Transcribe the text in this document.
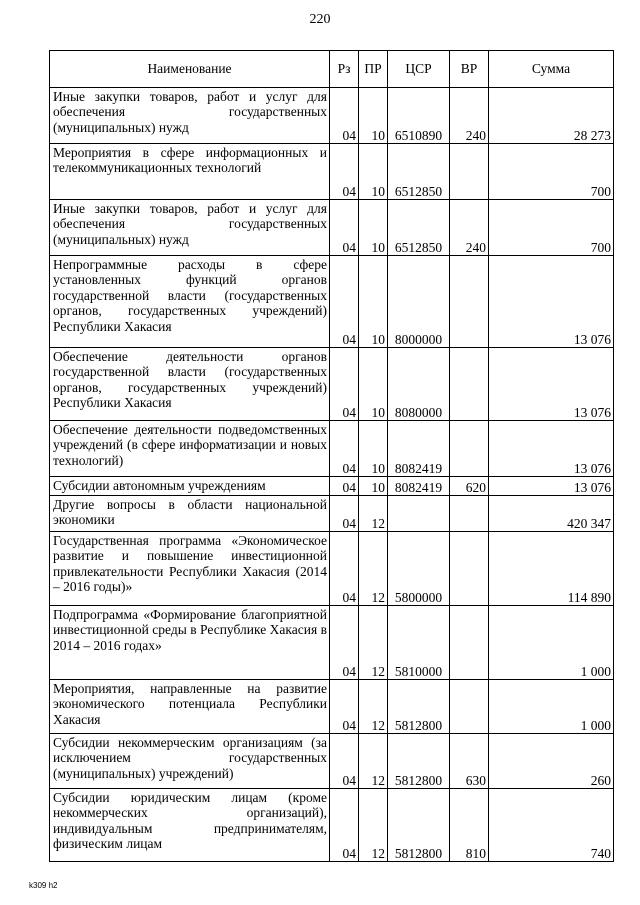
220
Наименование	Рз	ПР	ЦСР	ВР	Сумма
Иные закупки товаров, работ и услуг для обеспечения государственных (муниципальных) нужд	04	10	6510890	240	28 273
Мероприятия в сфере информационных и телекоммуникационных технологий	04	10	6512850		700
Иные закупки товаров, работ и услуг для обеспечения государственных (муниципальных) нужд	04	10	6512850	240	700
Непрограммные расходы в сфере установленных функций органов государственной власти (государственных органов, государственных учреждений) Республики Хакасия	04	10	8000000		13 076
Обеспечение деятельности органов государственной власти (государственных органов, государственных учреждений) Республики Хакасия	04	10	8080000		13 076
Обеспечение деятельности подведомственных учреждений (в сфере информатизации и новых технологий)	04	10	8082419		13 076
Субсидии автономным учреждениям	04	10	8082419	620	13 076
Другие вопросы в области национальной экономики	04	12			420 347
Государственная программа «Экономическое развитие и повышение инвестиционной привлекательности Республики Хакасия (2014 – 2016 годы)»	04	12	5800000		114 890
Подпрограмма «Формирование благоприятной инвестиционной среды в Республике Хакасия в 2014 – 2016 годах»	04	12	5810000		1 000
Мероприятия, направленные на развитие экономического потенциала Республики Хакасия	04	12	5812800		1 000
Субсидии некоммерческим организациям (за исключением государственных (муниципальных) учреждений)	04	12	5812800	630	260
Субсидии юридическим лицам (кроме некоммерческих организаций), индивидуальным предпринимателям, физическим лицам	04	12	5812800	810	740
k309 h2
